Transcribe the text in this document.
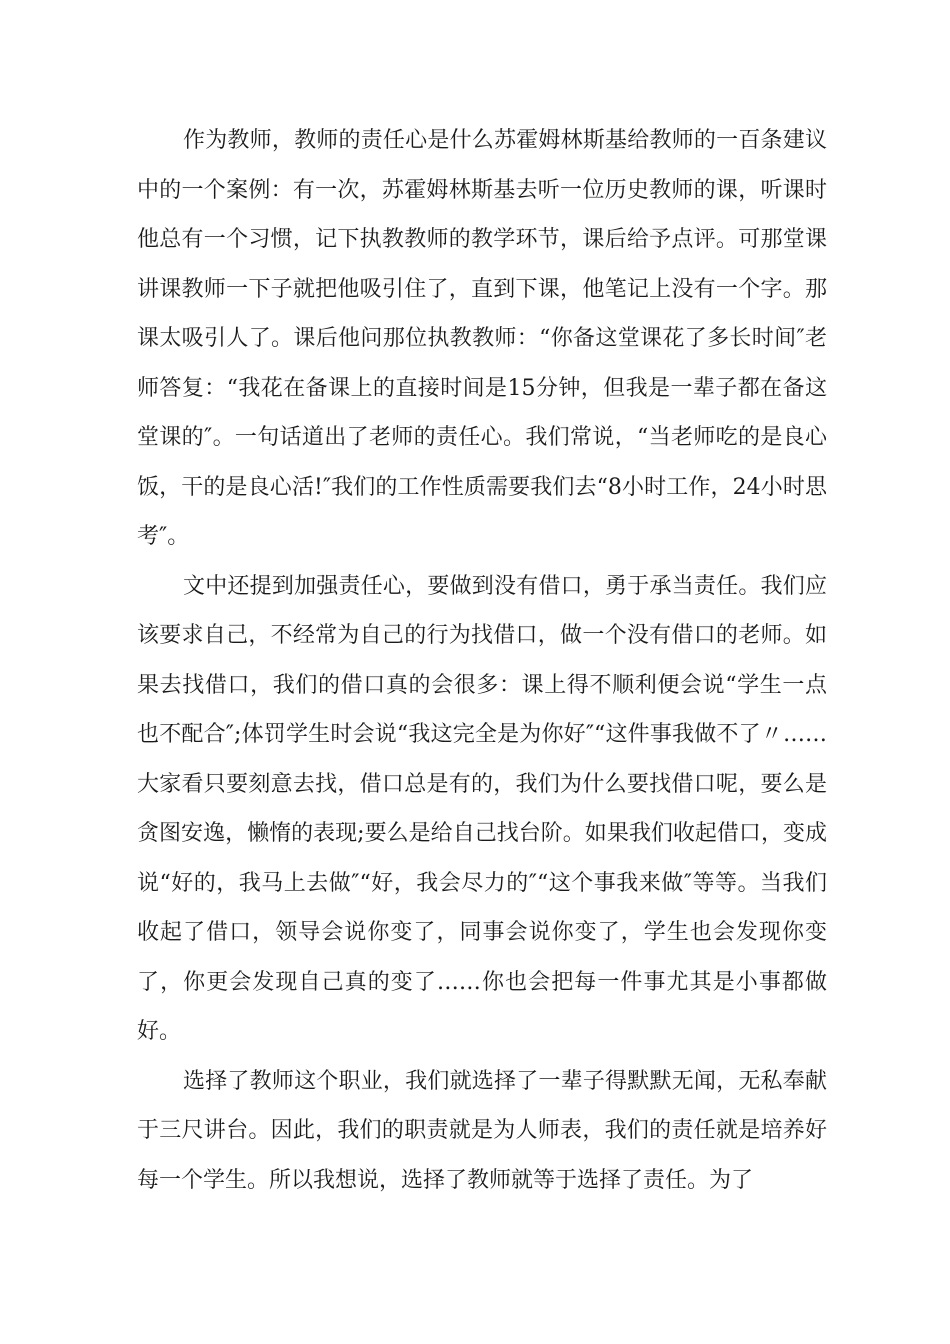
作为教师，教师的责任心是什么苏霍姆林斯基给教师的一百条建议中的一个案例：有一次，苏霍姆林斯基去听一位历史教师的课，听课时他总有一个习惯，记下执教教师的教学环节，课后给予点评。可那堂课讲课教师一下子就把他吸引住了，直到下课，他笔记上没有一个字。那课太吸引人了。课后他问那位执教教师：“你备这堂课花了多长时间″老师答复：“我花在备课上的直接时间是15分钟，但我是一辈子都在备这堂课的″。一句话道出了老师的责任心。我们常说，“当老师吃的是良心饭，干的是良心活!″我们的工作性质需要我们去“8小时工作，24小时思考″。

文中还提到加强责任心，要做到没有借口，勇于承当责任。我们应该要求自己，不经常为自己的行为找借口，做一个没有借口的老师。如果去找借口，我们的借口真的会很多：课上得不顺利便会说“学生一点也不配合″;体罚学生时会说“我这完全是为你好″“这件事我做不了〃……大家看只要刻意去找，借口总是有的，我们为什么要找借口呢，要么是贪图安逸，懒惰的表现;要么是给自己找台阶。如果我们收起借口，变成说“好的，我马上去做″“好，我会尽力的″“这个事我来做″等等。当我们收起了借口，领导会说你变了，同事会说你变了，学生也会发现你变了，你更会发现自己真的变了……你也会把每一件事尤其是小事都做好。

选择了教师这个职业，我们就选择了一辈子得默默无闻，无私奉献于三尺讲台。因此，我们的职责就是为人师表，我们的责任就是培养好每一个学生。所以我想说，选择了教师就等于选择了责任。为了
